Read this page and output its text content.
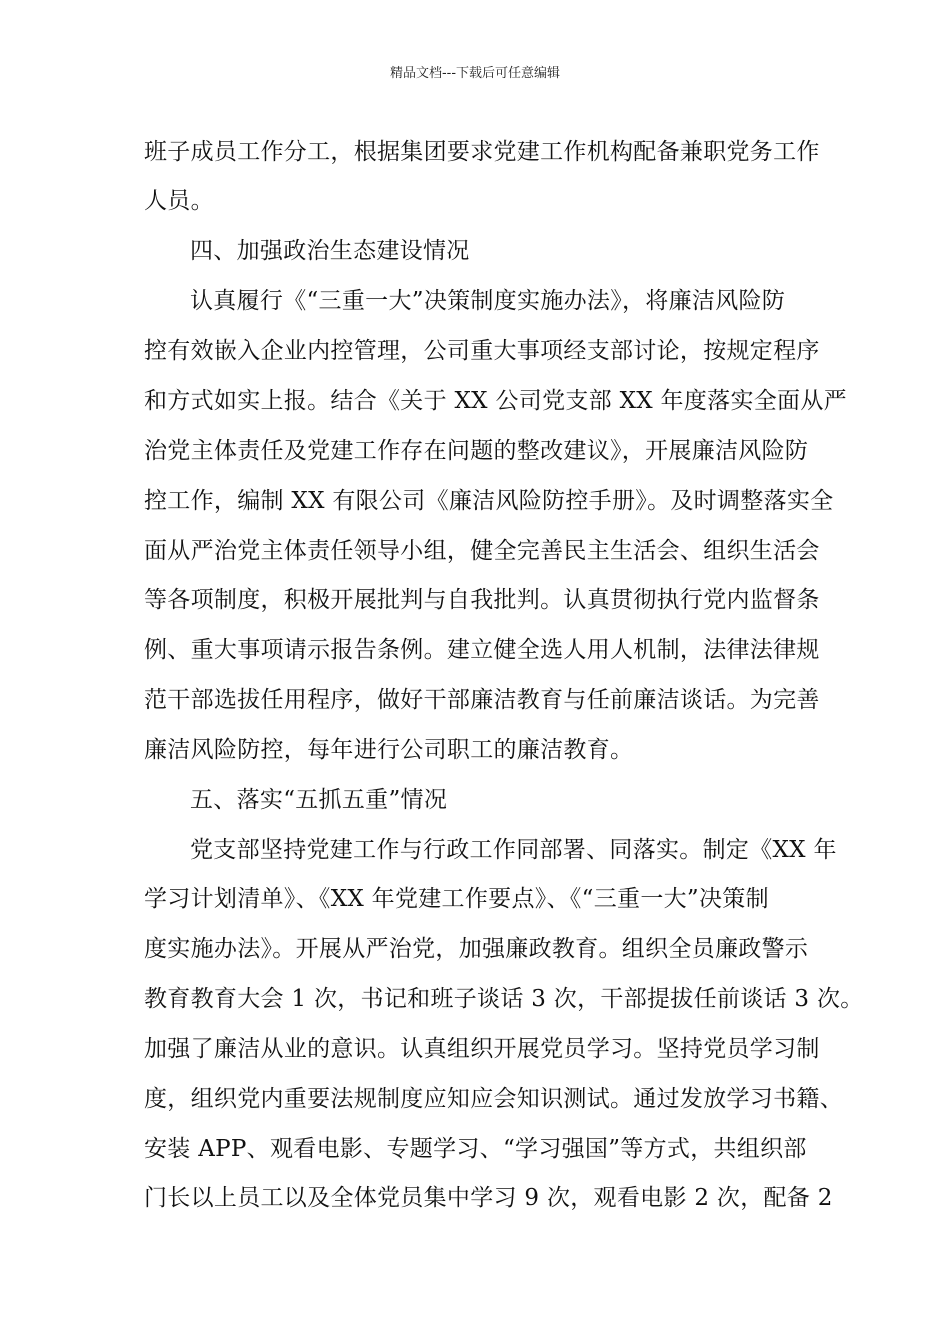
精品文档---下载后可任意编辑
班子成员工作分工，根据集团要求党建工作机构配备兼职党务工作
人员。
四、加强政治生态建设情况
认真履行《“三重一大”决策制度实施办法》，将廉洁风险防
控有效嵌入企业内控管理，公司重大事项经支部讨论，按规定程序
和方式如实上报。结合《关于 XX 公司党支部 XX 年度落实全面从严
治党主体责任及党建工作存在问题的整改建议》，开展廉洁风险防
控工作，编制 XX 有限公司《廉洁风险防控手册》。及时调整落实全
面从严治党主体责任领导小组，健全完善民主生活会、组织生活会
等各项制度，积极开展批判与自我批判。认真贯彻执行党内监督条
例、重大事项请示报告条例。建立健全选人用人机制，法律法律规
范干部选拔任用程序，做好干部廉洁教育与任前廉洁谈话。为完善
廉洁风险防控，每年进行公司职工的廉洁教育。
五、落实“五抓五重”情况
党支部坚持党建工作与行政工作同部署、同落实。制定《XX 年
学习计划清单》、《XX 年党建工作要点》、《“三重一大”决策制
度实施办法》。开展从严治党，加强廉政教育。组织全员廉政警示
教育教育大会 1 次，书记和班子谈话 3 次，干部提拔任前谈话 3 次。
加强了廉洁从业的意识。认真组织开展党员学习。坚持党员学习制
度，组织党内重要法规制度应知应会知识测试。通过发放学习书籍、
安装 APP、观看电影、专题学习、“学习强国”等方式，共组织部
门长以上员工以及全体党员集中学习 9 次，观看电影 2 次，配备 2
